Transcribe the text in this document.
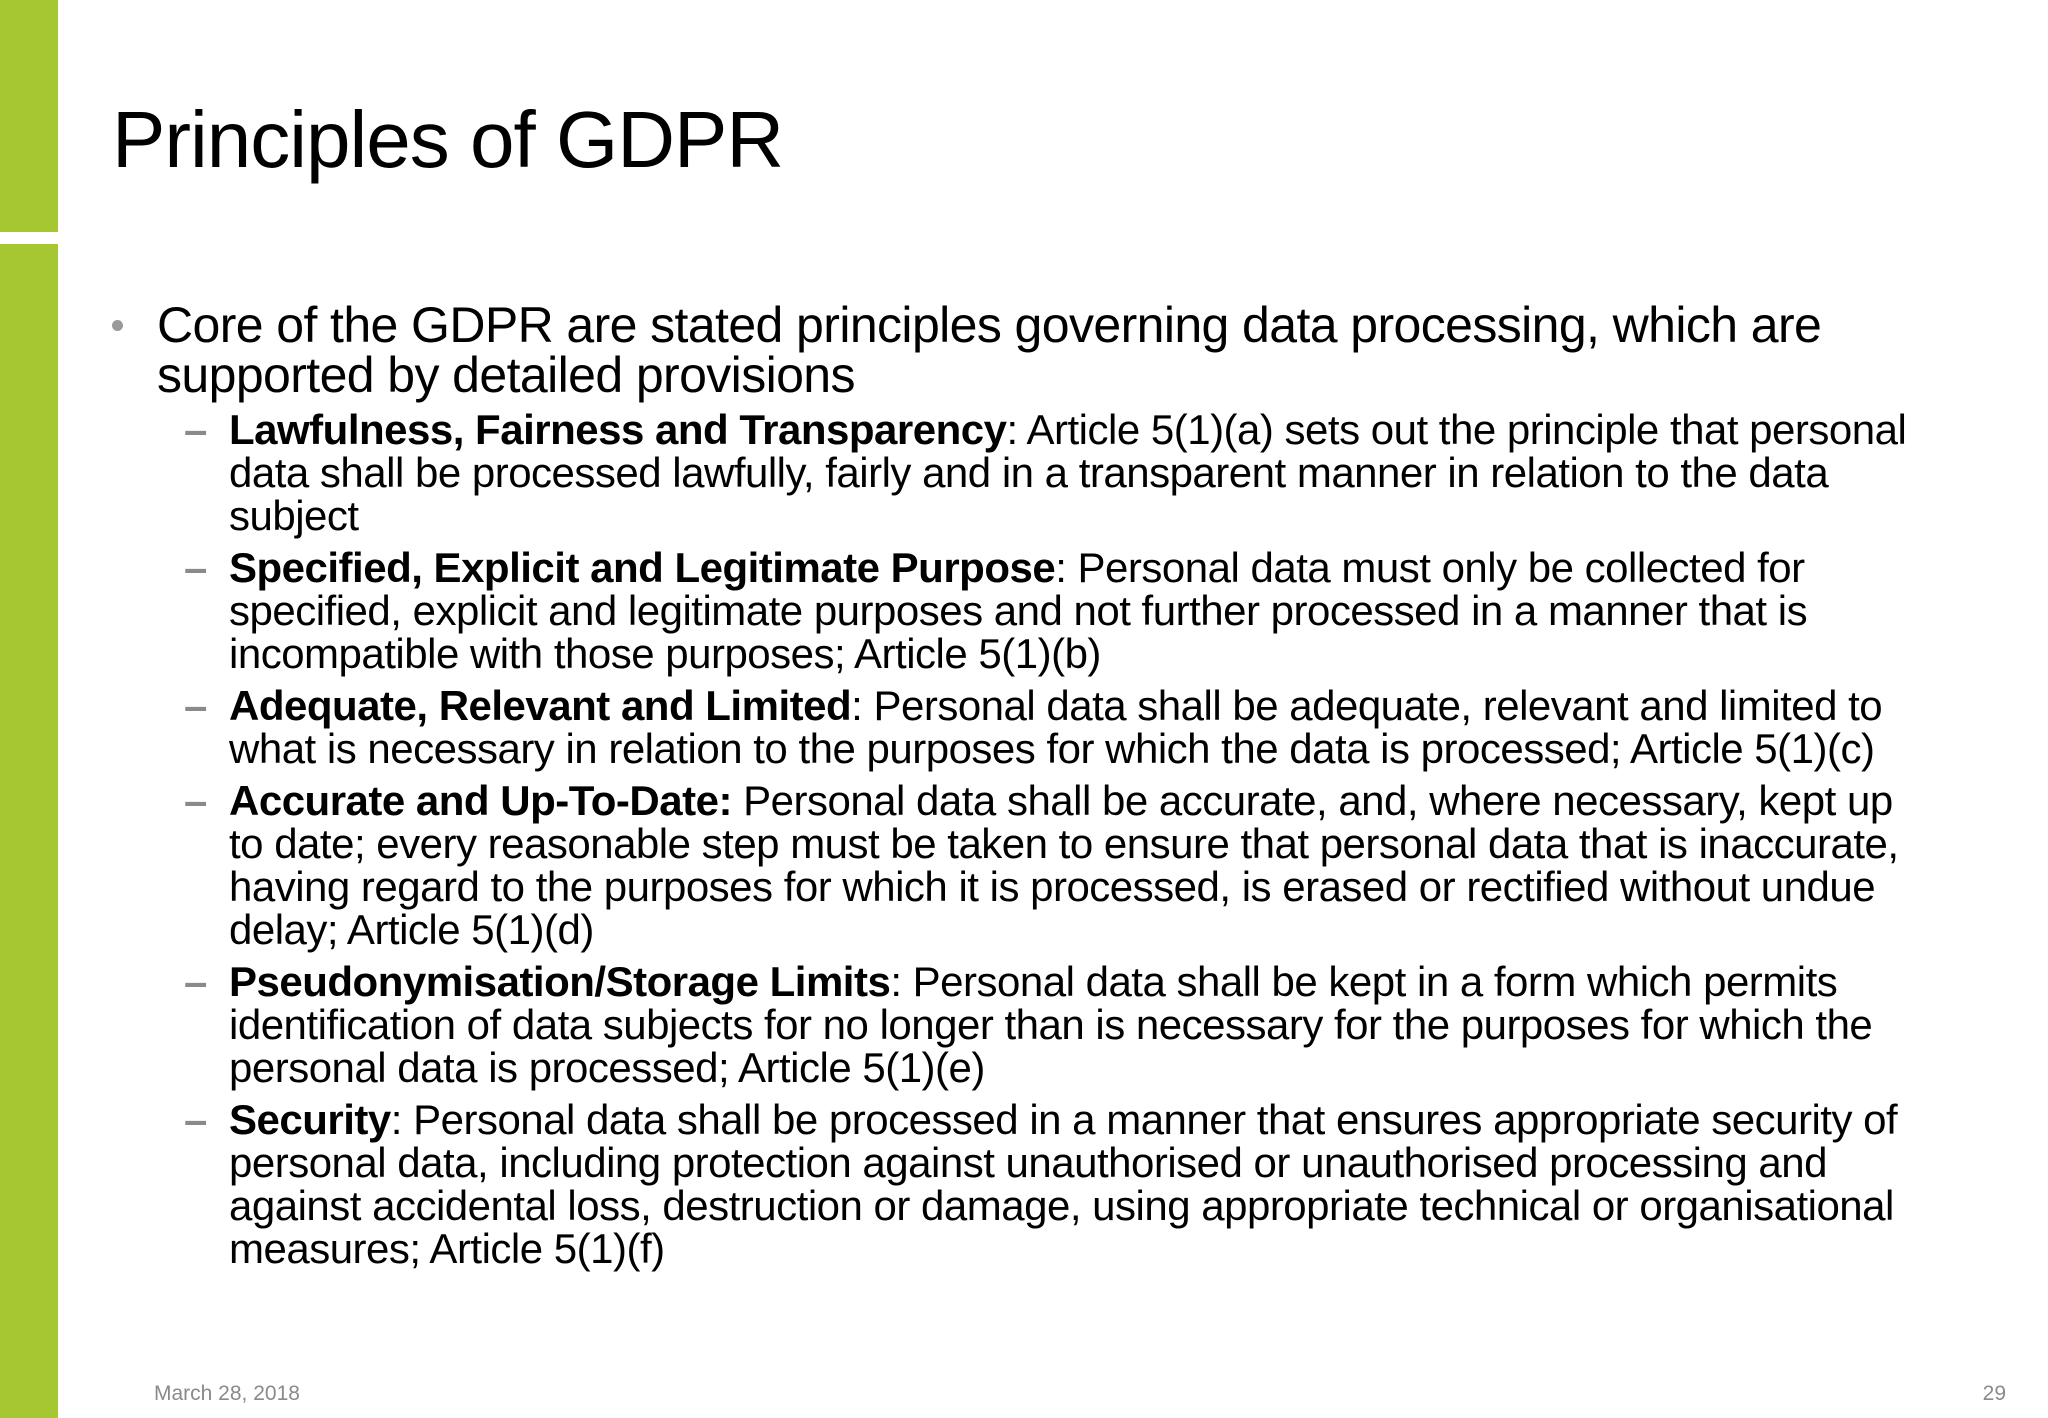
Principles of GDPR
Core of the GDPR are stated principles governing data processing, which are supported by detailed provisions
– Lawfulness, Fairness and Transparency: Article 5(1)(a) sets out the principle that personal data shall be processed lawfully, fairly and in a transparent manner in relation to the data subject
– Specified, Explicit and Legitimate Purpose: Personal data must only be collected for specified, explicit and legitimate purposes and not further processed in a manner that is incompatible with those purposes; Article 5(1)(b)
– Adequate, Relevant and Limited: Personal data shall be adequate, relevant and limited to what is necessary in relation to the purposes for which the data is processed; Article 5(1)(c)
– Accurate and Up-To-Date: Personal data shall be accurate, and, where necessary, kept up to date; every reasonable step must be taken to ensure that personal data that is inaccurate, having regard to the purposes for which it is processed, is erased or rectified without undue delay; Article 5(1)(d)
– Pseudonymisation/Storage Limits: Personal data shall be kept in a form which permits identification of data subjects for no longer than is necessary for the purposes for which the personal data is processed; Article 5(1)(e)
– Security: Personal data shall be processed in a manner that ensures appropriate security of personal data, including protection against unauthorised or unauthorised processing and against accidental loss, destruction or damage, using appropriate technical or organisational measures; Article 5(1)(f)
March 28, 2018	29
